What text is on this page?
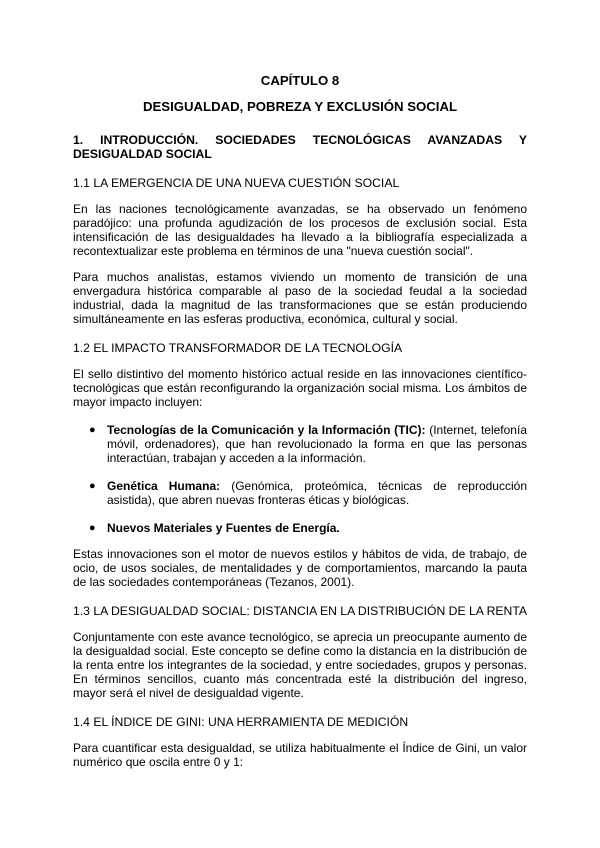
CAPÍTULO 8
DESIGUALDAD, POBREZA Y EXCLUSIÓN SOCIAL
1. INTRODUCCIÓN. SOCIEDADES TECNOLÓGICAS AVANZADAS Y DESIGUALDAD SOCIAL
1.1 LA EMERGENCIA DE UNA NUEVA CUESTIÓN SOCIAL

En las naciones tecnológicamente avanzadas, se ha observado un fenómeno paradójico: una profunda agudización de los procesos de exclusión social. Esta intensificación de las desigualdades ha llevado a la bibliografía especializada a recontextualizar este problema en términos de una "nueva cuestión social".

Para muchos analistas, estamos viviendo un momento de transición de una envergadura histórica comparable al paso de la sociedad feudal a la sociedad industrial, dada la magnitud de las transformaciones que se están produciendo simultáneamente en las esferas productiva, económica, cultural y social.

1.2 EL IMPACTO TRANSFORMADOR DE LA TECNOLOGÍA

El sello distintivo del momento histórico actual reside en las innovaciones científico-tecnológicas que están reconfigurando la organización social misma. Los ámbitos de mayor impacto incluyen:

● Tecnologías de la Comunicación y la Información (TIC): (Internet, telefonía móvil, ordenadores), que han revolucionado la forma en que las personas interactúan, trabajan y acceden a la información.
● Genética Humana: (Genómica, proteómica, técnicas de reproducción asistida), que abren nuevas fronteras éticas y biológicas.
● Nuevos Materiales y Fuentes de Energía.

Estas innovaciones son el motor de nuevos estilos y hábitos de vida, de trabajo, de ocio, de usos sociales, de mentalidades y de comportamientos, marcando la pauta de las sociedades contemporáneas (Tezanos, 2001).

1.3 LA DESIGUALDAD SOCIAL: DISTANCIA EN LA DISTRIBUCIÓN DE LA RENTA

Conjuntamente con este avance tecnológico, se aprecia un preocupante aumento de la desigualdad social. Este concepto se define como la distancia en la distribución de la renta entre los integrantes de la sociedad, y entre sociedades, grupos y personas. En términos sencillos, cuanto más concentrada esté la distribución del ingreso, mayor será el nivel de desigualdad vigente.

1.4 EL ÍNDICE DE GINI: UNA HERRAMIENTA DE MEDICIÓN

Para cuantificar esta desigualdad, se utiliza habitualmente el Índice de Gini, un valor numérico que oscila entre 0 y 1:
